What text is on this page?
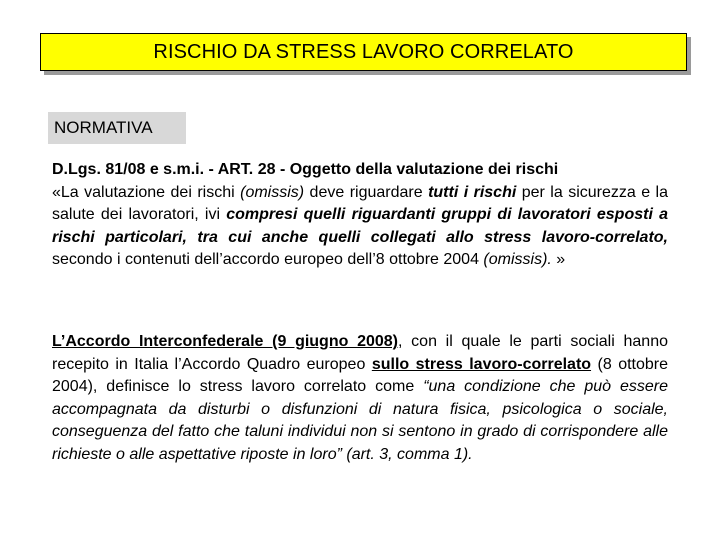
RISCHIO DA STRESS LAVORO CORRELATO
NORMATIVA
D.Lgs. 81/08 e s.m.i. - ART. 28 - Oggetto della valutazione dei rischi
«La valutazione dei rischi (omissis) deve riguardare tutti i rischi per la sicurezza e la salute dei lavoratori, ivi compresi quelli riguardanti gruppi di lavoratori esposti a rischi particolari, tra cui anche quelli collegati allo stress lavoro-correlato, secondo i contenuti dell’accordo europeo dell’8 ottobre 2004 (omissis). »
L’Accordo Interconfederale (9 giugno 2008), con il quale le parti sociali hanno recepito in Italia l’Accordo Quadro europeo sullo stress lavoro-correlato (8 ottobre 2004), definisce lo stress lavoro correlato come “una condizione che può essere accompagnata da disturbi o disfunzioni di natura fisica, psicologica o sociale, conseguenza del fatto che taluni individui non si sentono in grado di corrispondere alle richieste o alle aspettative riposte in loro” (art. 3, comma 1).
